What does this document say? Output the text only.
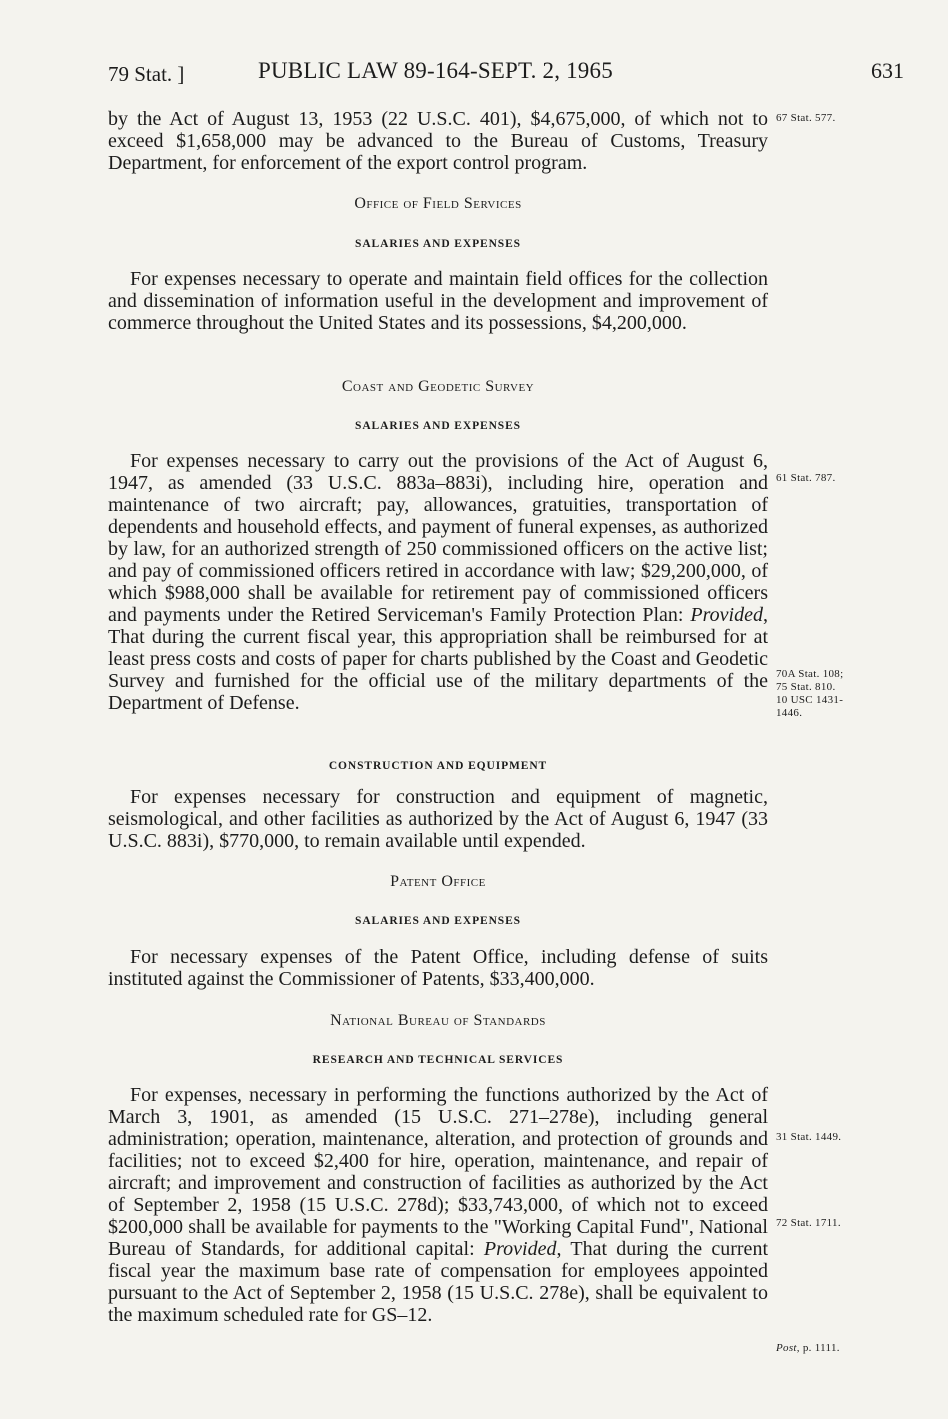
79 Stat. ]	PUBLIC LAW 89-164-SEPT. 2, 1965	631

by the Act of August 13, 1953 (22 U.S.C. 401), $4,675,000, of which not to exceed $1,658,000 may be advanced to the Bureau of Customs, Treasury Department, for enforcement of the export control program.

67 Stat. 577.
Office of Field Services
SALARIES AND EXPENSES

For expenses necessary to operate and maintain field offices for the collection and dissemination of information useful in the development and improvement of commerce throughout the United States and its possessions, $4,200,000.

Coast and Geodetic Survey
SALARIES AND EXPENSES

For expenses necessary to carry out the provisions of the Act of August 6, 1947, as amended (33 U.S.C. 883a–883i), including hire, operation and maintenance of two aircraft; pay, allowances, gratuities, transportation of dependents and household effects, and payment of funeral expenses, as authorized by law, for an authorized strength of 250 commissioned officers on the active list; and pay of commissioned officers retired in accordance with law; $29,200,000, of which $988,000 shall be available for retirement pay of commissioned officers and payments under the Retired Serviceman's Family Protection Plan: Provided, That during the current fiscal year, this appropriation shall be reimbursed for at least press costs and costs of paper for charts published by the Coast and Geodetic Survey and furnished for the official use of the military departments of the Department of Defense.

61 Stat. 787.
70A Stat. 108;
75 Stat. 810.
10 USC 1431-
1446.
CONSTRUCTION AND EQUIPMENT

For expenses necessary for construction and equipment of magnetic, seismological, and other facilities as authorized by the Act of August 6, 1947 (33 U.S.C. 883i), $770,000, to remain available until expended.

Patent Office
SALARIES AND EXPENSES

For necessary expenses of the Patent Office, including defense of suits instituted against the Commissioner of Patents, $33,400,000.

National Bureau of Standards
RESEARCH AND TECHNICAL SERVICES

For expenses, necessary in performing the functions authorized by the Act of March 3, 1901, as amended (15 U.S.C. 271–278e), including general administration; operation, maintenance, alteration, and protection of grounds and facilities; not to exceed $2,400 for hire, operation, maintenance, and repair of aircraft; and improvement and construction of facilities as authorized by the Act of September 2, 1958 (15 U.S.C. 278d); $33,743,000, of which not to exceed $200,000 shall be available for payments to the "Working Capital Fund", National Bureau of Standards, for additional capital: Provided, That during the current fiscal year the maximum base rate of compensation for employees appointed pursuant to the Act of September 2, 1958 (15 U.S.C. 278e), shall be equivalent to the maximum scheduled rate for GS–12.

31 Stat. 1449.
72 Stat. 1711.
Post, p. 1111.
